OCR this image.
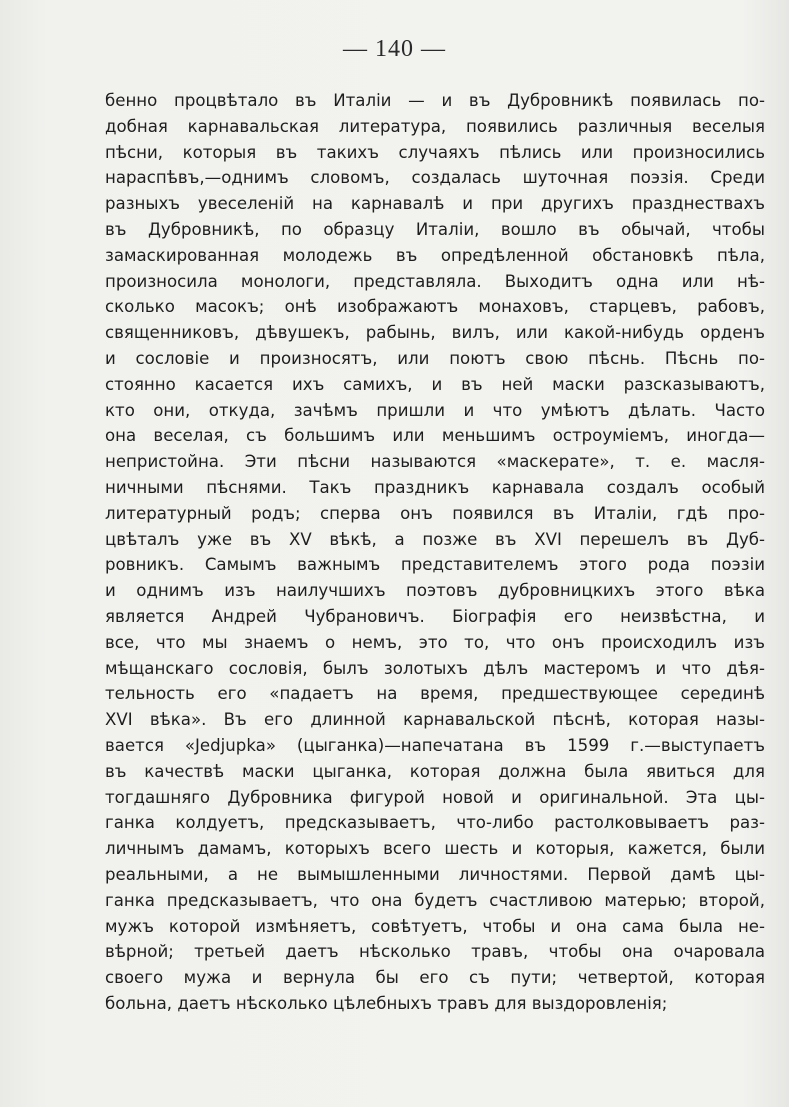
— 140 —
бенно процвѣтало въ Италіи — и въ Дубровникѣ появилась по-
добная карнавальская литература, появились различныя веселыя
пѣсни, которыя въ такихъ случаяхъ пѣлись или произносились
нараспѣвъ,—однимъ словомъ, создалась шуточная поэзія. Среди
разныхъ увеселеній на карнавалѣ и при другихъ празднествахъ
въ Дубровникѣ, по образцу Италіи, вошло въ обычай, чтобы
замаскированная молодежь въ опредѣленной обстановкѣ пѣла,
произносила монологи, представляла. Выходитъ одна или нѣ-
сколько масокъ; онѣ изображаютъ монаховъ, старцевъ, рабовъ,
священниковъ, дѣвушекъ, рабынь, вилъ, или какой-нибудь орденъ
и сословіе и произносятъ, или поютъ свою пѣснь. Пѣснь по-
стоянно касается ихъ самихъ, и въ ней маски разсказываютъ,
кто они, откуда, зачѣмъ пришли и что умѣютъ дѣлать. Часто
она веселая, съ большимъ или меньшимъ остроуміемъ, иногда—
непристойна. Эти пѣсни называются «маскерате», т. е. масля-
ничными пѣснями. Такъ праздникъ карнавала создалъ особый
литературный родъ; сперва онъ появился въ Италіи, гдѣ про-
цвѣталъ уже въ XV вѣкѣ, а позже въ XVI перешелъ въ Дуб-
ровникъ. Самымъ важнымъ представителемъ этого рода поэзіи
и однимъ изъ наилучшихъ поэтовъ дубровницкихъ этого вѣка
является Андрей Чубрановичъ. Біографія его неизвѣстна, и
все, что мы знаемъ о немъ, это то, что онъ происходилъ изъ
мѣщанскаго сословія, былъ золотыхъ дѣлъ мастеромъ и что дѣя-
тельность его «падаетъ на время, предшествующее серединѣ
XVI вѣка». Въ его длинной карнавальской пѣснѣ, которая назы-
вается «Jedjupka» (цыганка)—напечатана въ 1599 г.—выступаетъ
въ качествѣ маски цыганка, которая должна была явиться для
тогдашняго Дубровника фигурой новой и оригинальной. Эта цы-
ганка колдуетъ, предсказываетъ, что-либо растолковываетъ раз-
личнымъ дамамъ, которыхъ всего шесть и которыя, кажется, были
реальными, а не вымышленными личностями. Первой дамѣ цы-
ганка предсказываетъ, что она будетъ счастливою матерью; второй,
мужъ которой измѣняетъ, совѣтуетъ, чтобы и она сама была не-
вѣрной; третьей даетъ нѣсколько травъ, чтобы она очаровала
своего мужа и вернула бы его съ пути; четвертой, которая
больна, даетъ нѣсколько цѣлебныхъ травъ для выздоровленія;
